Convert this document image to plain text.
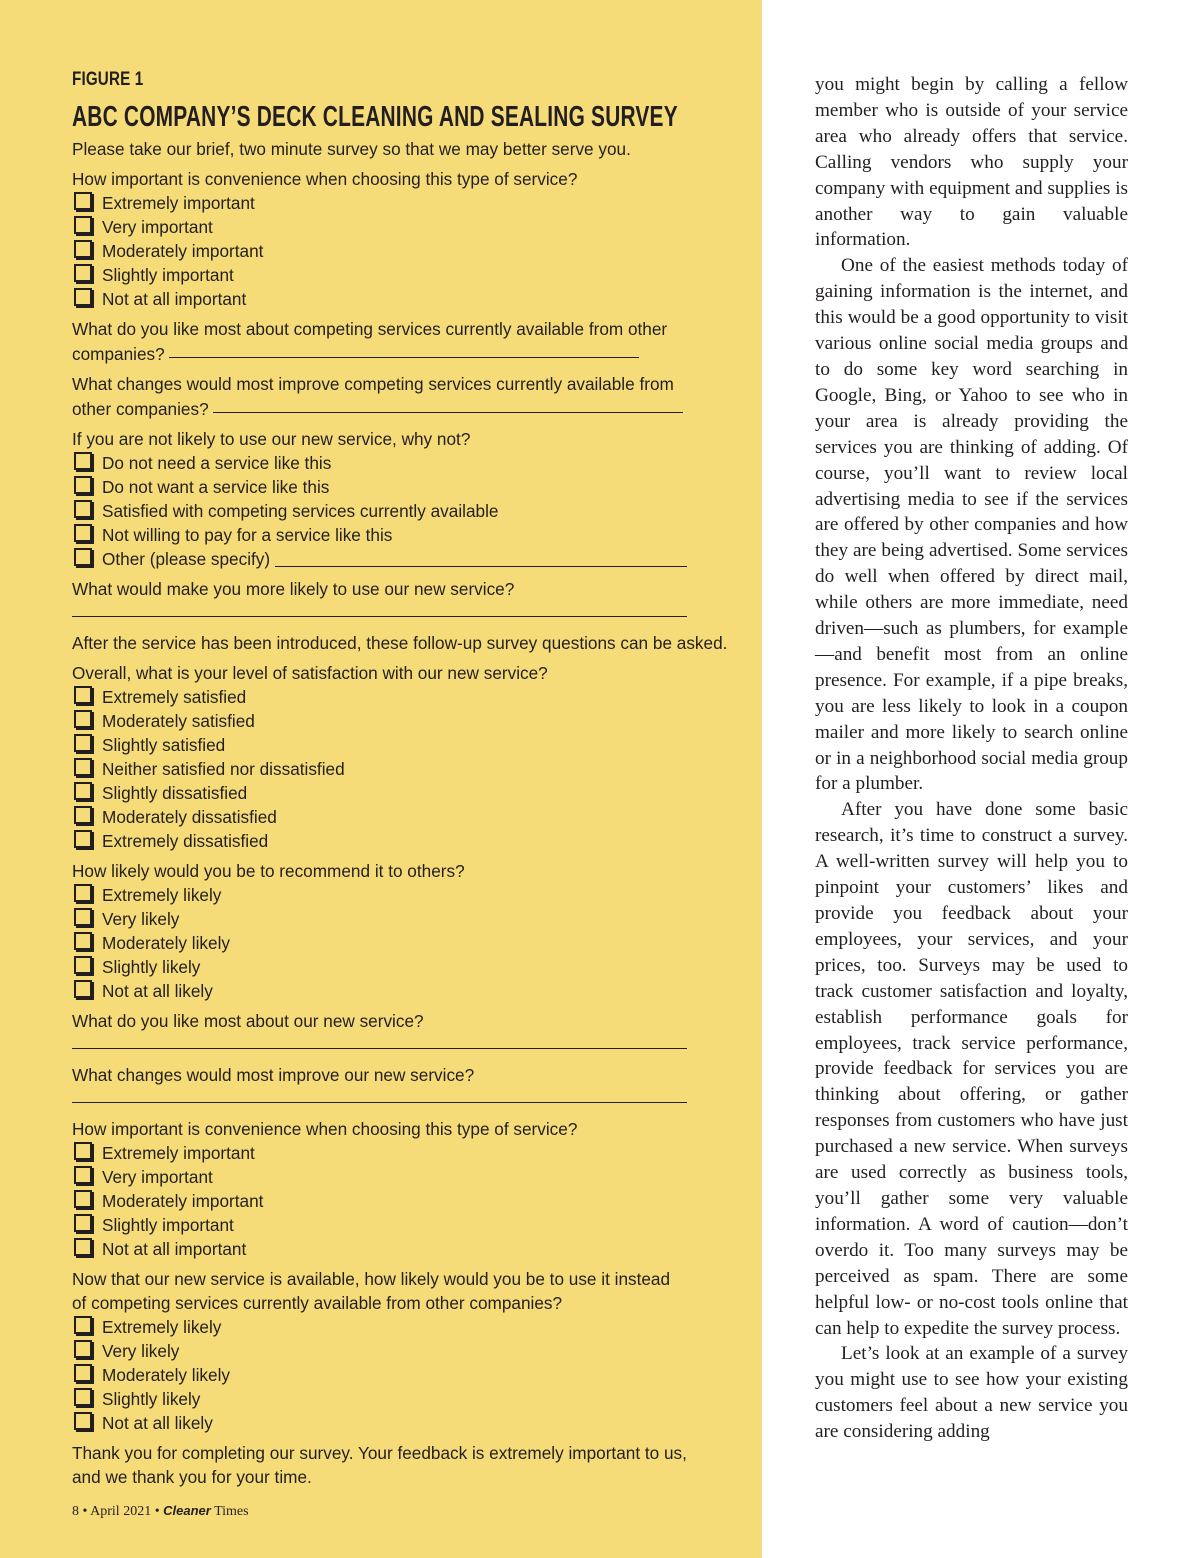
FIGURE 1
ABC COMPANY’S DECK CLEANING AND SEALING SURVEY
Please take our brief, two minute survey so that we may better serve you.
How important is convenience when choosing this type of service?
Extremely important
Very important
Moderately important
Slightly important
Not at all important
What do you like most about competing services currently available from other
companies?
What changes would most improve competing services currently available from
other companies?
If you are not likely to use our new service, why not?
Do not need a service like this
Do not want a service like this
Satisfied with competing services currently available
Not willing to pay for a service like this
Other (please specify)

What would make you more likely to use our new service?
After the service has been introduced, these follow-up survey questions can be asked.
Overall, what is your level of satisfaction with our new service?
Extremely satisfied
Moderately satisfied
Slightly satisfied
Neither satisfied nor dissatisfied
Slightly dissatisfied
Moderately dissatisfied
Extremely dissatisfied
How likely would you be to recommend it to others?
Extremely likely
Very likely
Moderately likely
Slightly likely
Not at all likely
What do you like most about our new service?
What changes would most improve our new service?
How important is convenience when choosing this type of service?
Extremely important
Very important
Moderately important
Slightly important
Not at all important
Now that our new service is available, how likely would you be to use it instead
of competing services currently available from other companies?
Extremely likely
Very likely
Moderately likely
Slightly likely
Not at all likely
Thank you for completing our survey. Your feedback is extremely important to us, and we thank you for your time.
8 • April 2021 • Cleaner Times

you might begin by calling a fellow member who is outside of your service area who already offers that service. Calling vendors who supply your company with equipment and supplies is another way to gain valuable information.

One of the easiest methods today of gaining information is the internet, and this would be a good opportunity to visit various online social media groups and to do some key word searching in Google, Bing, or Yahoo to see who in your area is already providing the services you are thinking of adding. Of course, you’ll want to review local advertising media to see if the services are offered by other companies and how they are being advertised. Some services do well when offered by direct mail, while others are more immediate, need driven—such as plumbers, for example—and benefit most from an online presence. For example, if a pipe breaks, you are less likely to look in a coupon mailer and more likely to search online or in a neighborhood social media group for a plumber.

After you have done some basic research, it’s time to construct a survey. A well-written survey will help you to pinpoint your customers’ likes and provide you feedback about your employees, your services, and your prices, too. Surveys may be used to track customer satisfaction and loyalty, establish performance goals for employees, track service performance, provide feedback for services you are thinking about offering, or gather responses from customers who have just purchased a new service. When surveys are used correctly as business tools, you’ll gather some very valuable information. A word of caution—don’t overdo it. Too many surveys may be perceived as spam. There are some helpful low- or no-cost tools online that can help to expedite the survey process.

Let’s look at an example of a survey you might use to see how your existing customers feel about a new service you are considering adding
